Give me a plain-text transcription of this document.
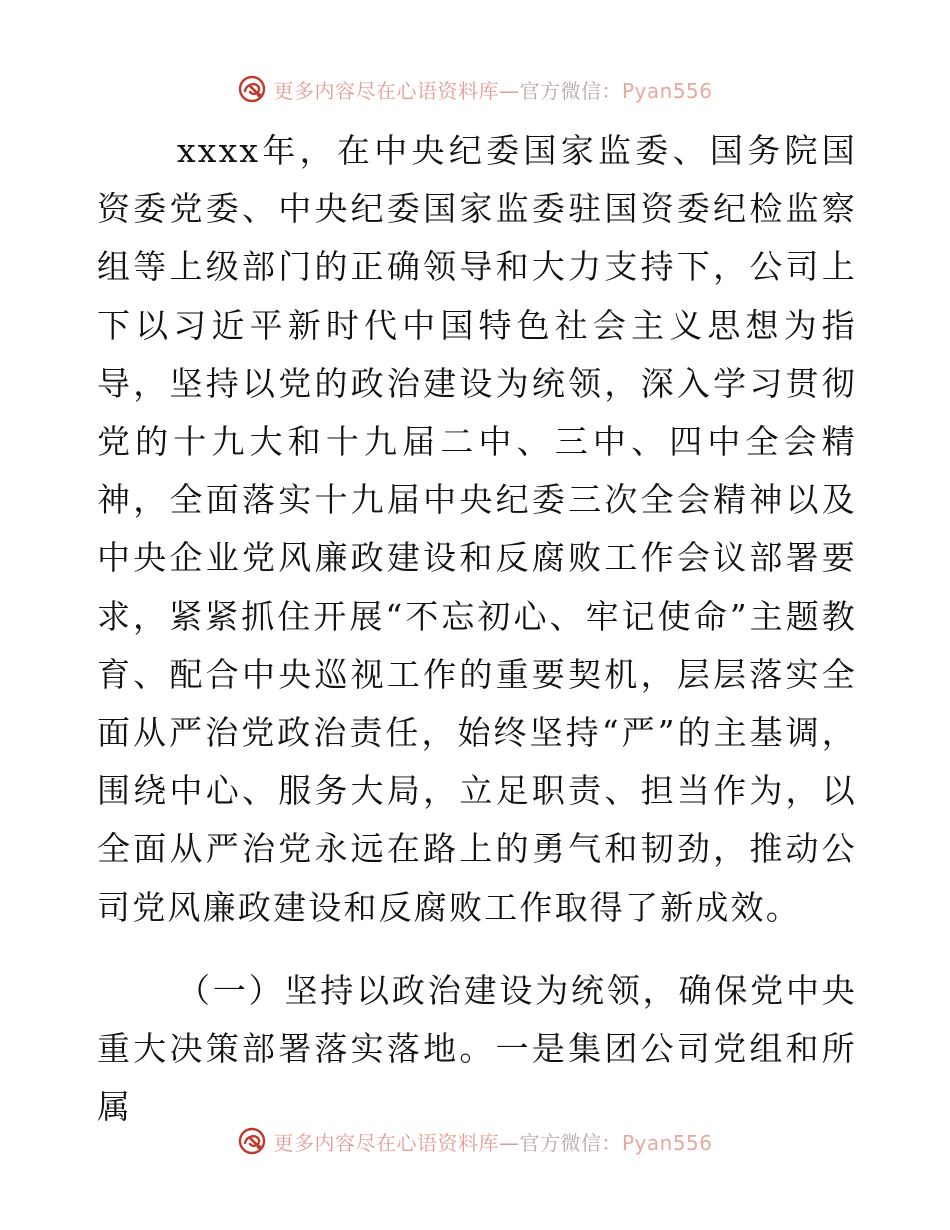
更多内容尽在心语资料库—官方微信：Pyan556

xxxx年，在中央纪委国家监委、国务院国资委党委、中央纪委国家监委驻国资委纪检监察组等上级部门的正确领导和大力支持下，公司上下以习近平新时代中国特色社会主义思想为指导，坚持以党的政治建设为统领，深入学习贯彻党的十九大和十九届二中、三中、四中全会精神，全面落实十九届中央纪委三次全会精神以及中央企业党风廉政建设和反腐败工作会议部署要求，紧紧抓住开展“不忘初心、牢记使命”主题教育、配合中央巡视工作的重要契机，层层落实全面从严治党政治责任，始终坚持“严”的主基调，围绕中心、服务大局，立足职责、担当作为，以全面从严治党永远在路上的勇气和韧劲，推动公司党风廉政建设和反腐败工作取得了新成效。

（一）坚持以政治建设为统领，确保党中央重大决策部署落实落地。一是集团公司党组和所属

更多内容尽在心语资料库—官方微信：Pyan556
